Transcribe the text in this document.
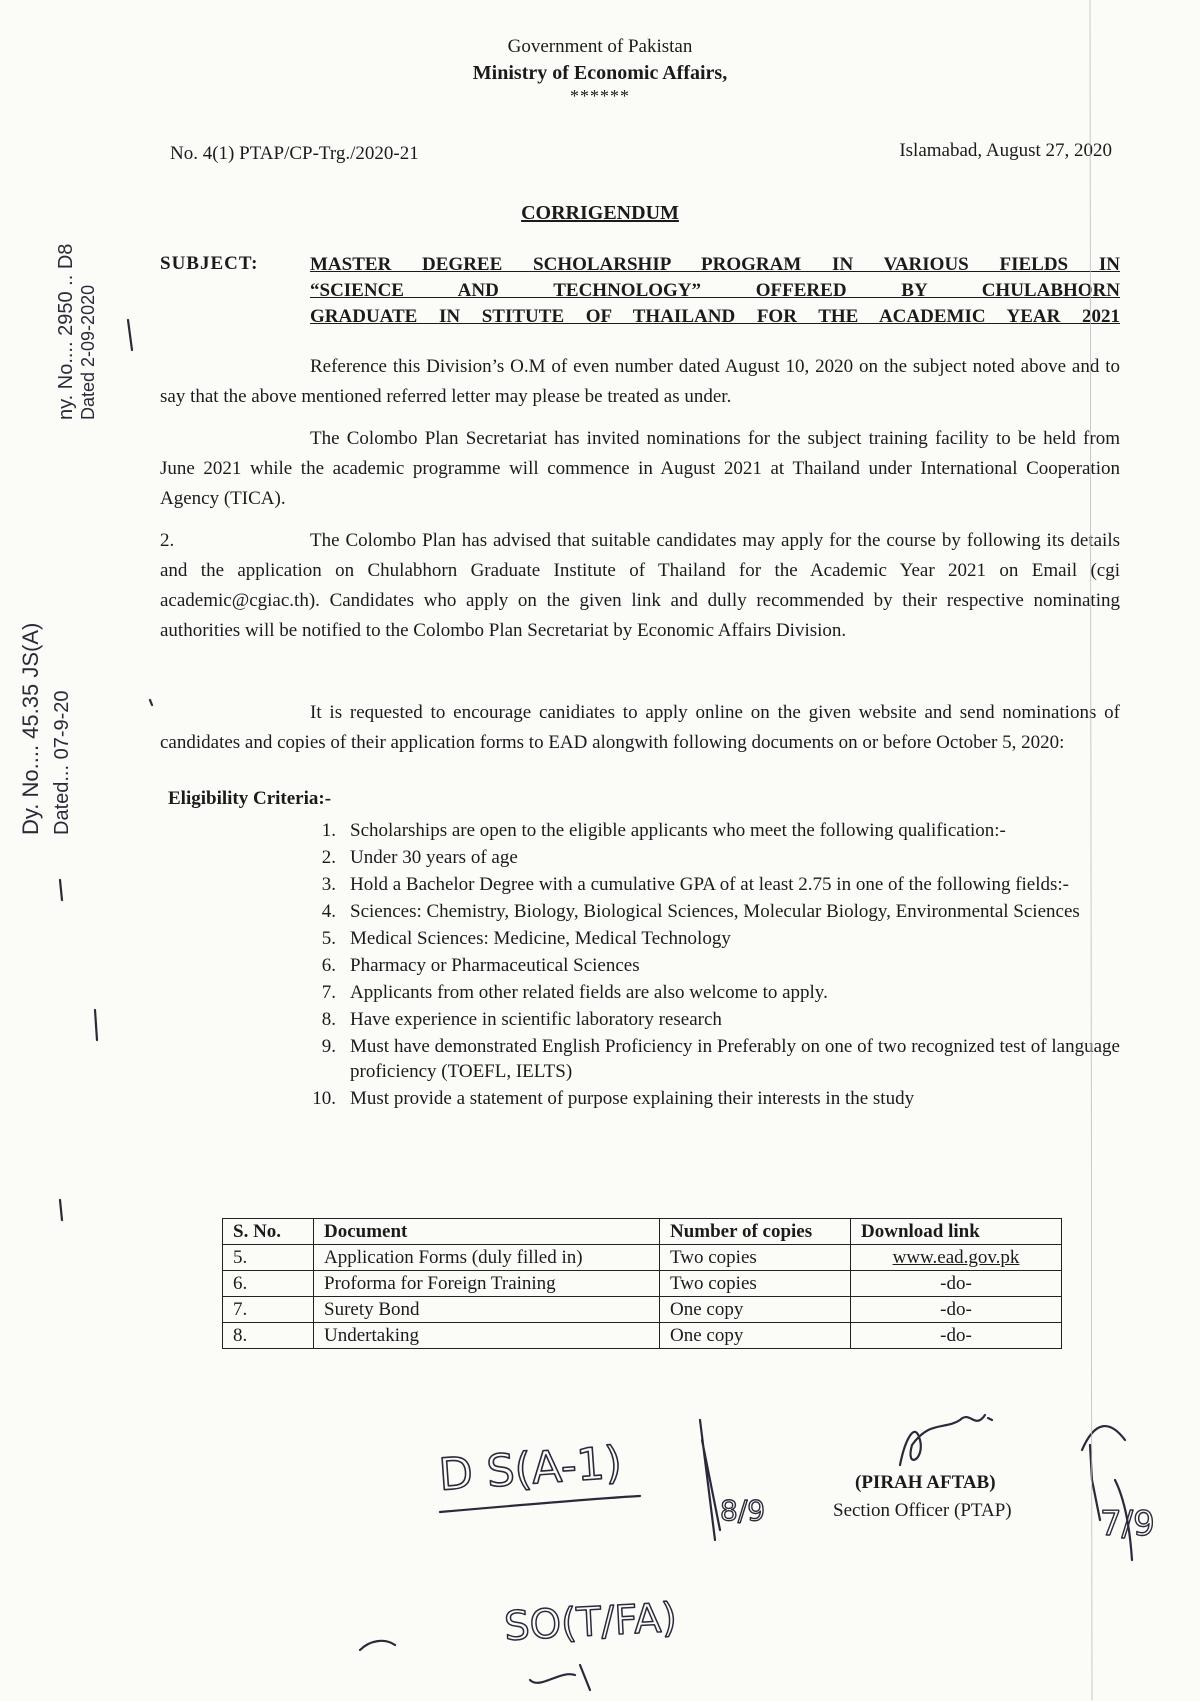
Government of Pakistan
Ministry of Economic Affairs,
******
No. 4(1) PTAP/CP-Trg./2020-21	Islamabad, August 27, 2020
CORRIGENDUM
SUBJECT:	MASTER DEGREE SCHOLARSHIP PROGRAM IN VARIOUS FIELDS IN
“SCIENCE AND TECHNOLOGY” OFFERED BY CHULABHORN
GRADUATE IN STITUTE OF THAILAND FOR THE ACADEMIC YEAR 2021
Reference this Division’s O.M of even number dated August 10, 2020 on the subject noted above and to say that the above mentioned referred letter may please be treated as under.
The Colombo Plan Secretariat has invited nominations for the subject training facility to be held from June 2021 while the academic programme will commence in August 2021 at Thailand under International Cooperation Agency (TICA).
2.	The Colombo Plan has advised that suitable candidates may apply for the course by following its details and the application on Chulabhorn Graduate Institute of Thailand for the Academic Year 2021 on Email (cgi academic@cgiac.th). Candidates who apply on the given link and dully recommended by their respective nominating authorities will be notified to the Colombo Plan Secretariat by Economic Affairs Division.
It is requested to encourage canidiates to apply online on the given website and send nominations of candidates and copies of their application forms to EAD alongwith following documents on or before October 5, 2020:
Eligibility Criteria:-
1. Scholarships are open to the eligible applicants who meet the following qualification:-
2. Under 30 years of age
3. Hold a Bachelor Degree with a cumulative GPA of at least 2.75 in one of the following fields:-
4. Sciences: Chemistry, Biology, Biological Sciences, Molecular Biology, Environmental Sciences
5. Medical Sciences: Medicine, Medical Technology
6. Pharmacy or Pharmaceutical Sciences
7. Applicants from other related fields are also welcome to apply.
8. Have experience in scientific laboratory research
9. Must have demonstrated English Proficiency in Preferably on one of two recognized test of language proficiency (TOEFL, IELTS)
10. Must provide a statement of purpose explaining their interests in the study
S. No.	Document	Number of copies	Download link
5.	Application Forms (duly filled in)	Two copies	www.ead.gov.pk
6.	Proforma for Foreign Training	Two copies	-do-
7.	Surety Bond	One copy	-do-
8.	Undertaking	One copy	-do-
(PIRAH AFTAB)
Section Officer (PTAP)
ny. No.... 2950 .. D8 Dated 2-09-2020
Dy. No.... 45.35 JS(A) Dated... 07-9-20
D S(A-1)
8/9	7/9
SO(T/FA)
